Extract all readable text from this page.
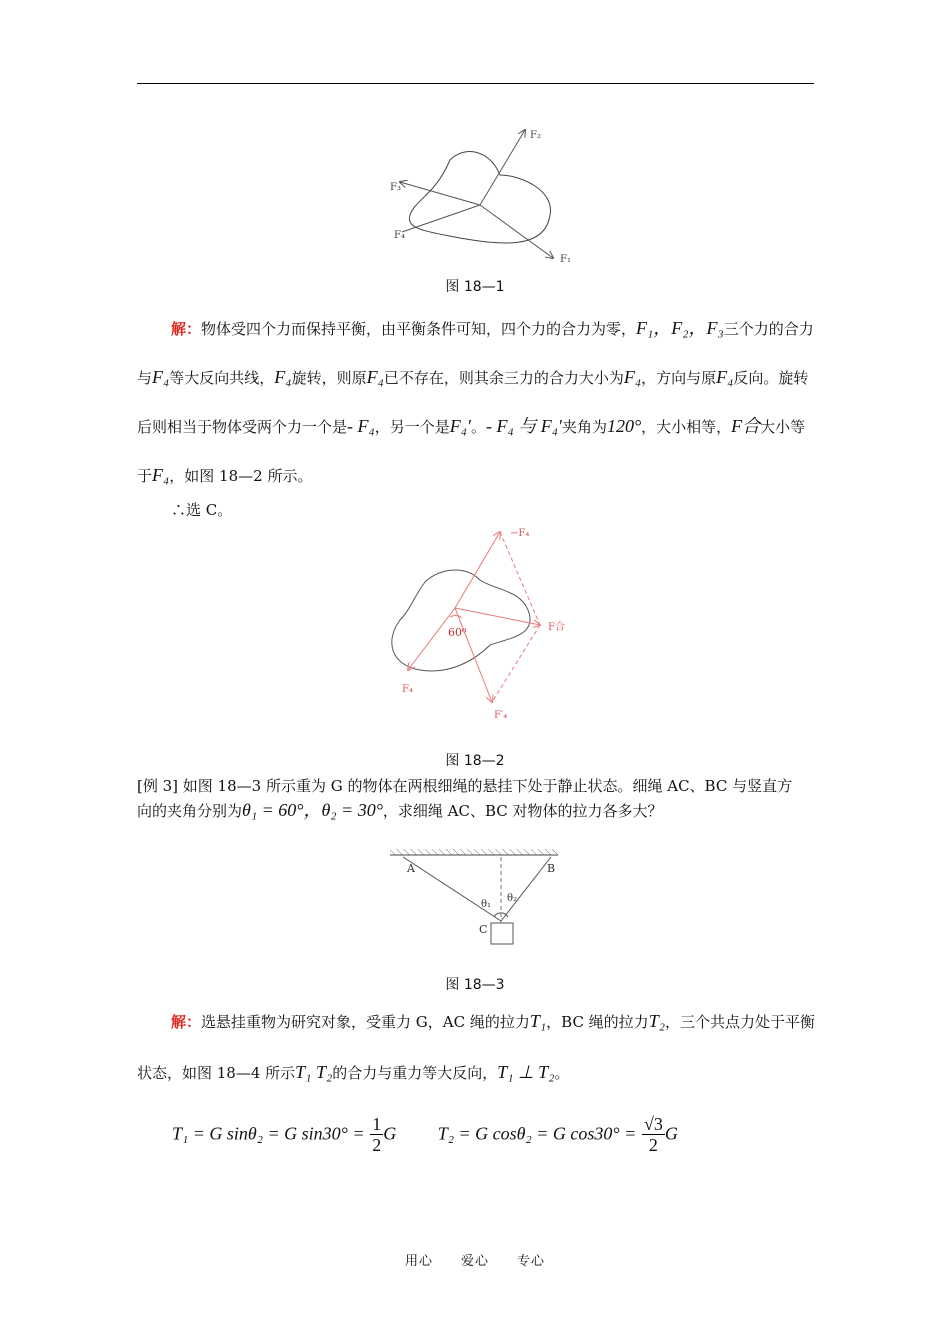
F₂
F₃
F₄
F₁
图 18—1
解：物体受四个力而保持平衡，由平衡条件可知，四个力的合力为零，F₁，F₂，F₃三个力的合力与F₄等大反向共线，F₄旋转，则原F₄已不存在，则其余三力的合力大小为F₄，方向与原F₄反向。旋转后则相当于物体受两个力一个是- F₄，另一个是F₄′。- F₄ 与 F₄′夹角为120°，大小相等，F合大小等于F₄，如图 18—2 所示。
∴选 C。
−F₄
F合
60⁰
F₄
F′₄
图 18—2
[例 3] 如图 18—3 所示重为 G 的物体在两根细绳的悬挂下处于静止状态。细绳 AC、BC 与竖直方
向的夹角分别为θ₁ = 60°，θ₂ = 30°，求细绳 AC、BC 对物体的拉力各多大？
A	B
C
θ₁
θ₂
图 18—3
解：选悬挂重物为研究对象，受重力 G，AC 绳的拉力T₁，BC 绳的拉力T₂，三个共点力处于平衡状态，如图 18—4 所示T₁ T₂的合力与重力等大反向，T₁ ⊥ T₂。
T₁ = G sinθ₂ = G $\sin 30^\circ = \frac{1}{2}$ G T₂ = G cosθ₂ = G $\cos 30^\circ = \frac{√3}{2}$ G
用心 爱心 专心
